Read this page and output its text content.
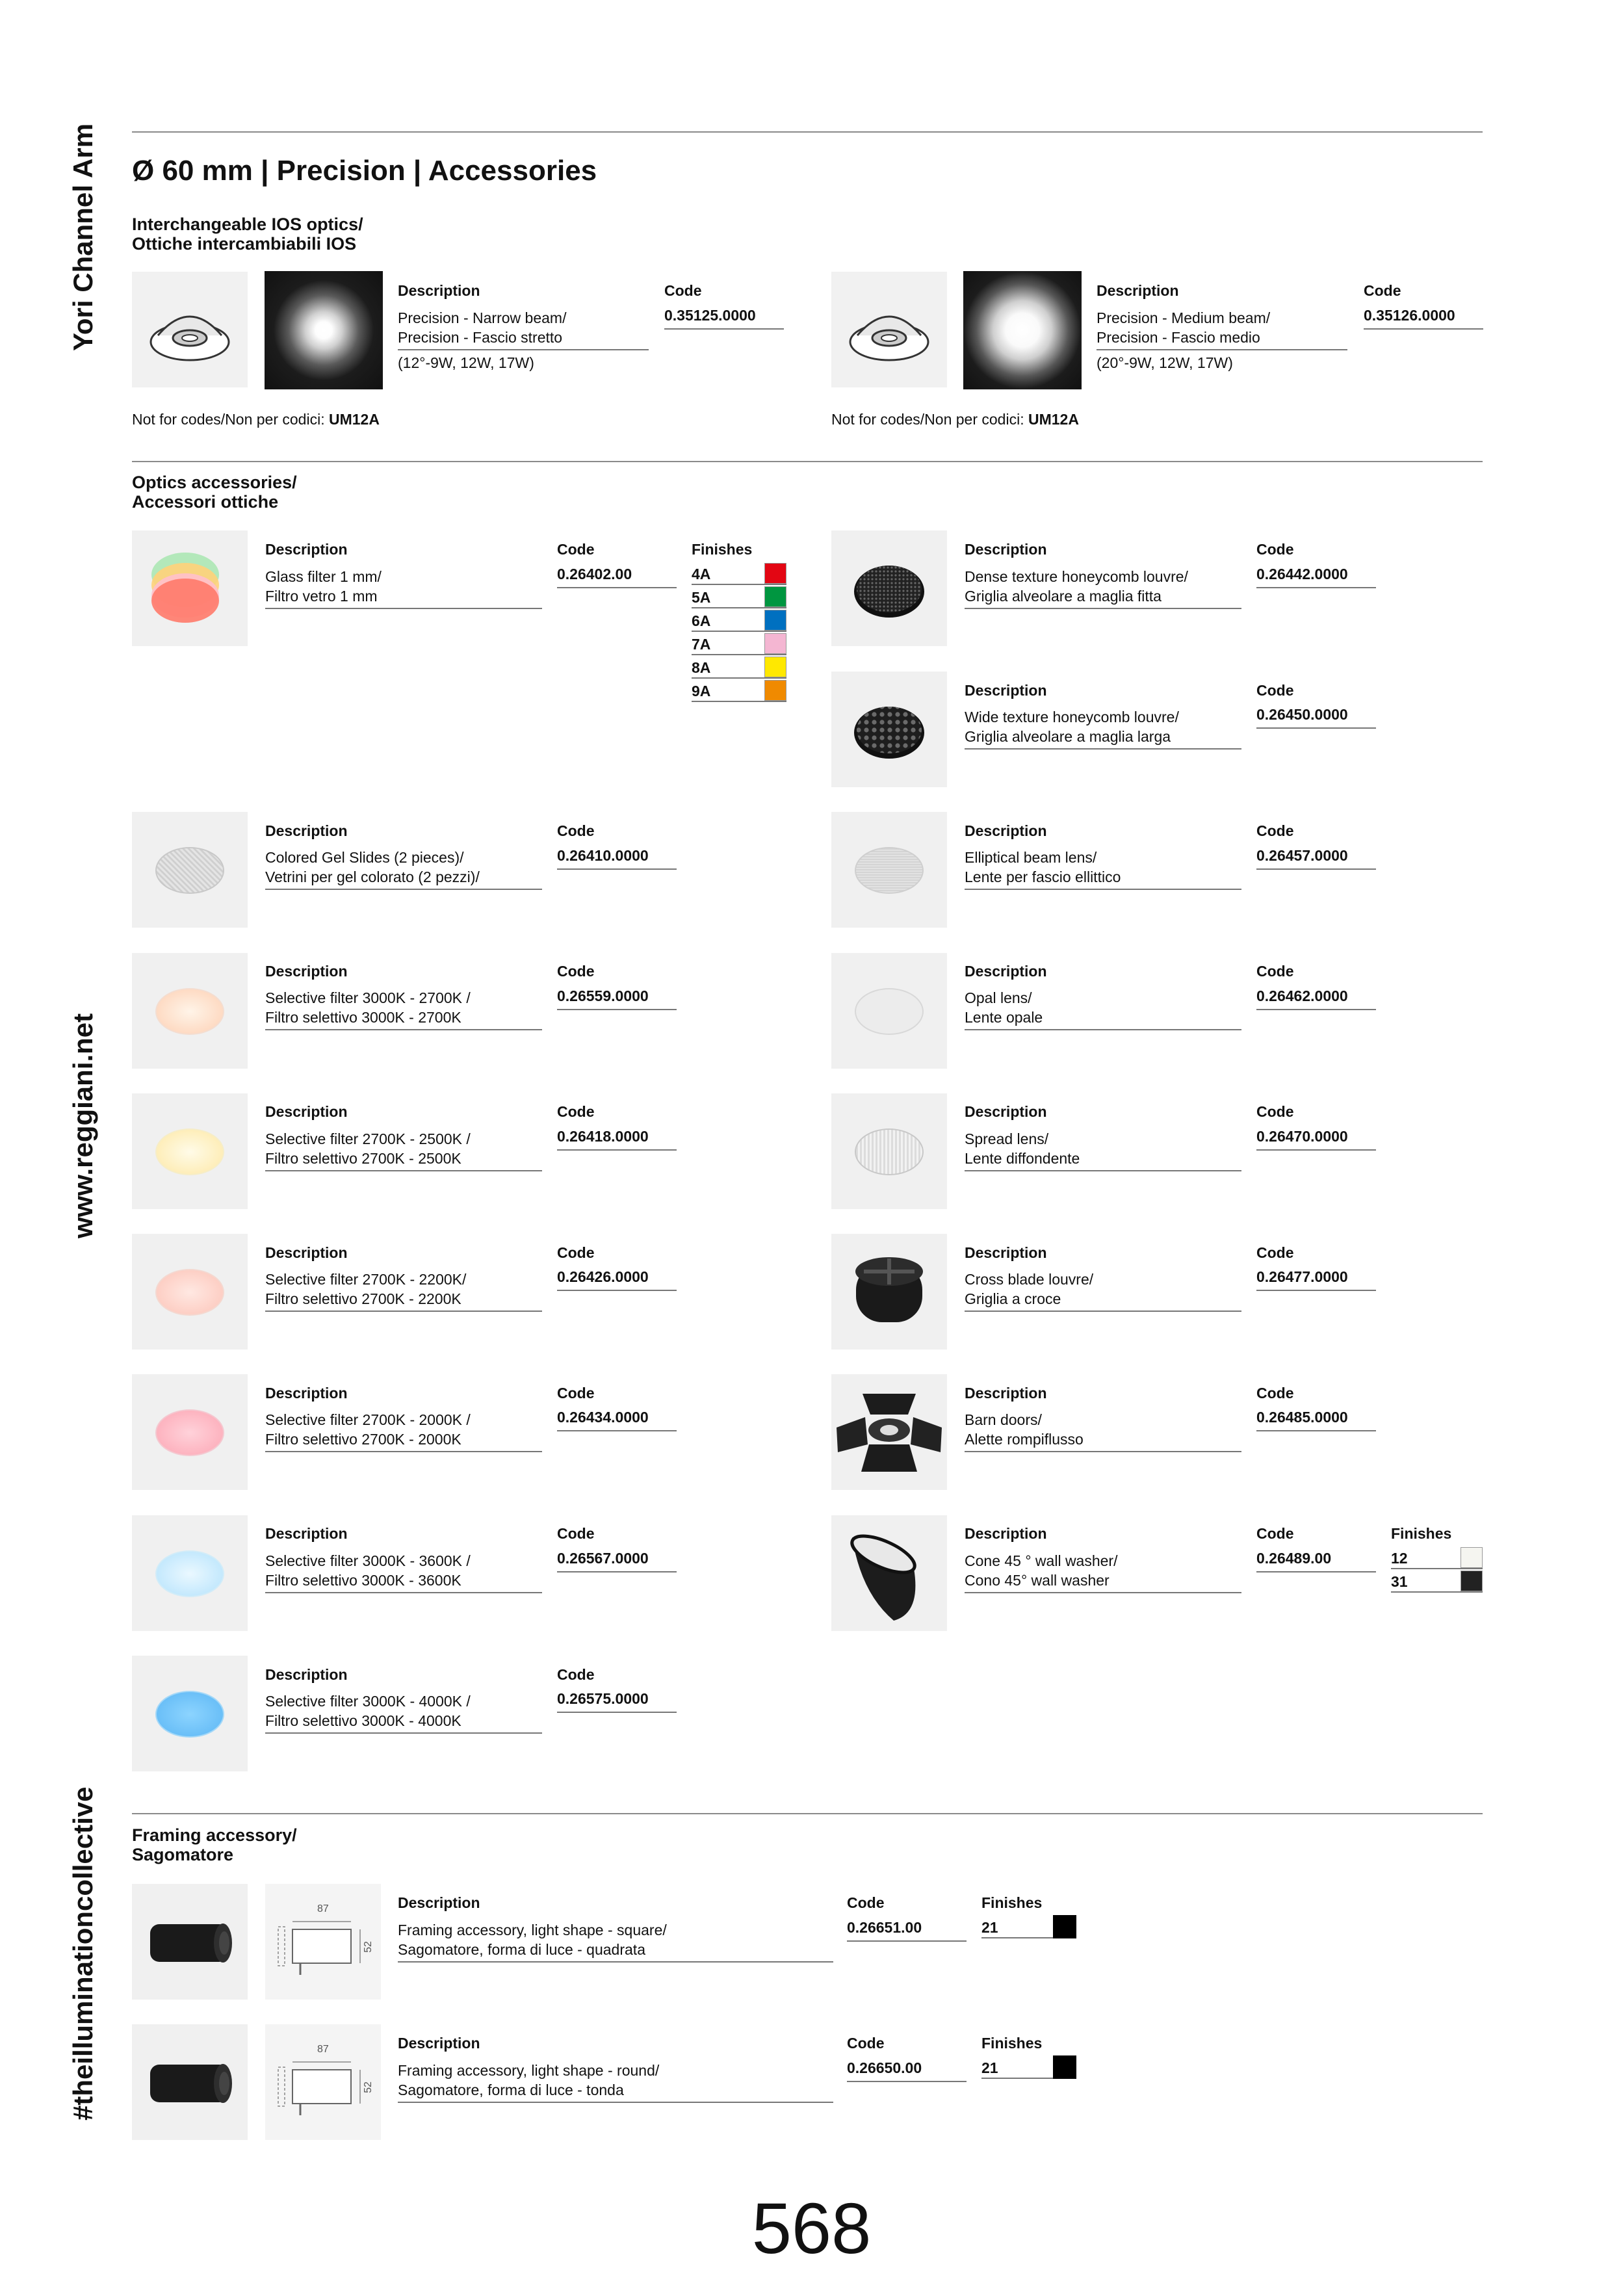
Yori Channel Arm
www.reggiani.net
#theilluminationcollective
Ø 60 mm | Precision | Accessories
Interchangeable IOS optics/
Ottiche intercambiabili IOS
Description
Precision - Narrow beam/
Precision - Fascio stretto
(12°-9W, 12W, 17W)
Code
0.35125.0000
Not for codes/Non per codici: UM12A
Description
Precision - Medium beam/
Precision - Fascio medio
(20°-9W, 12W, 17W)
Code
0.35126.0000
Not for codes/Non per codici: UM12A
Optics accessories/
Accessori ottiche
Description
Glass filter 1 mm/
Filtro vetro 1 mm
Code
0.26402.00
Finishes
4A
5A
6A
7A
8A
9A
Description
Colored Gel Slides (2 pieces)/
Vetrini per gel colorato (2 pezzi)/
Code
0.26410.0000
Description
Selective filter 3000K - 2700K /
Filtro selettivo 3000K - 2700K
Code
0.26559.0000
Description
Selective filter 2700K - 2500K /
Filtro selettivo 2700K - 2500K
Code
0.26418.0000
Description
Selective filter 2700K - 2200K/
Filtro selettivo 2700K - 2200K
Code
0.26426.0000
Description
Selective filter 2700K - 2000K /
Filtro selettivo 2700K - 2000K
Code
0.26434.0000
Description
Selective filter 3000K - 3600K /
Filtro selettivo 3000K - 3600K
Code
0.26567.0000
Description
Selective filter 3000K - 4000K /
Filtro selettivo 3000K - 4000K
Code
0.26575.0000
Description
Dense texture honeycomb louvre/
Griglia alveolare a maglia fitta
Code
0.26442.0000
Description
Wide texture honeycomb louvre/
Griglia alveolare a maglia larga
Code
0.26450.0000
Description
Elliptical beam lens/
Lente per fascio ellittico
Code
0.26457.0000
Description
Opal lens/
Lente opale
Code
0.26462.0000
Description
Spread lens/
Lente diffondente
Code
0.26470.0000
Description
Cross blade louvre/
Griglia a croce
Code
0.26477.0000
Description
Barn doors/
Alette rompiflusso
Code
0.26485.0000
Description
Cone 45 ° wall washer/
Cono 45° wall washer
Code
0.26489.00
Finishes
12
31
Framing accessory/
Sagomatore
87
52
Description
Framing accessory, light shape - square/
Sagomatore, forma di luce - quadrata
Code
0.26651.00
Finishes
21
87
52
Description
Framing accessory, light shape - round/
Sagomatore, forma di luce - tonda
Code
0.26650.00
Finishes
21
568
